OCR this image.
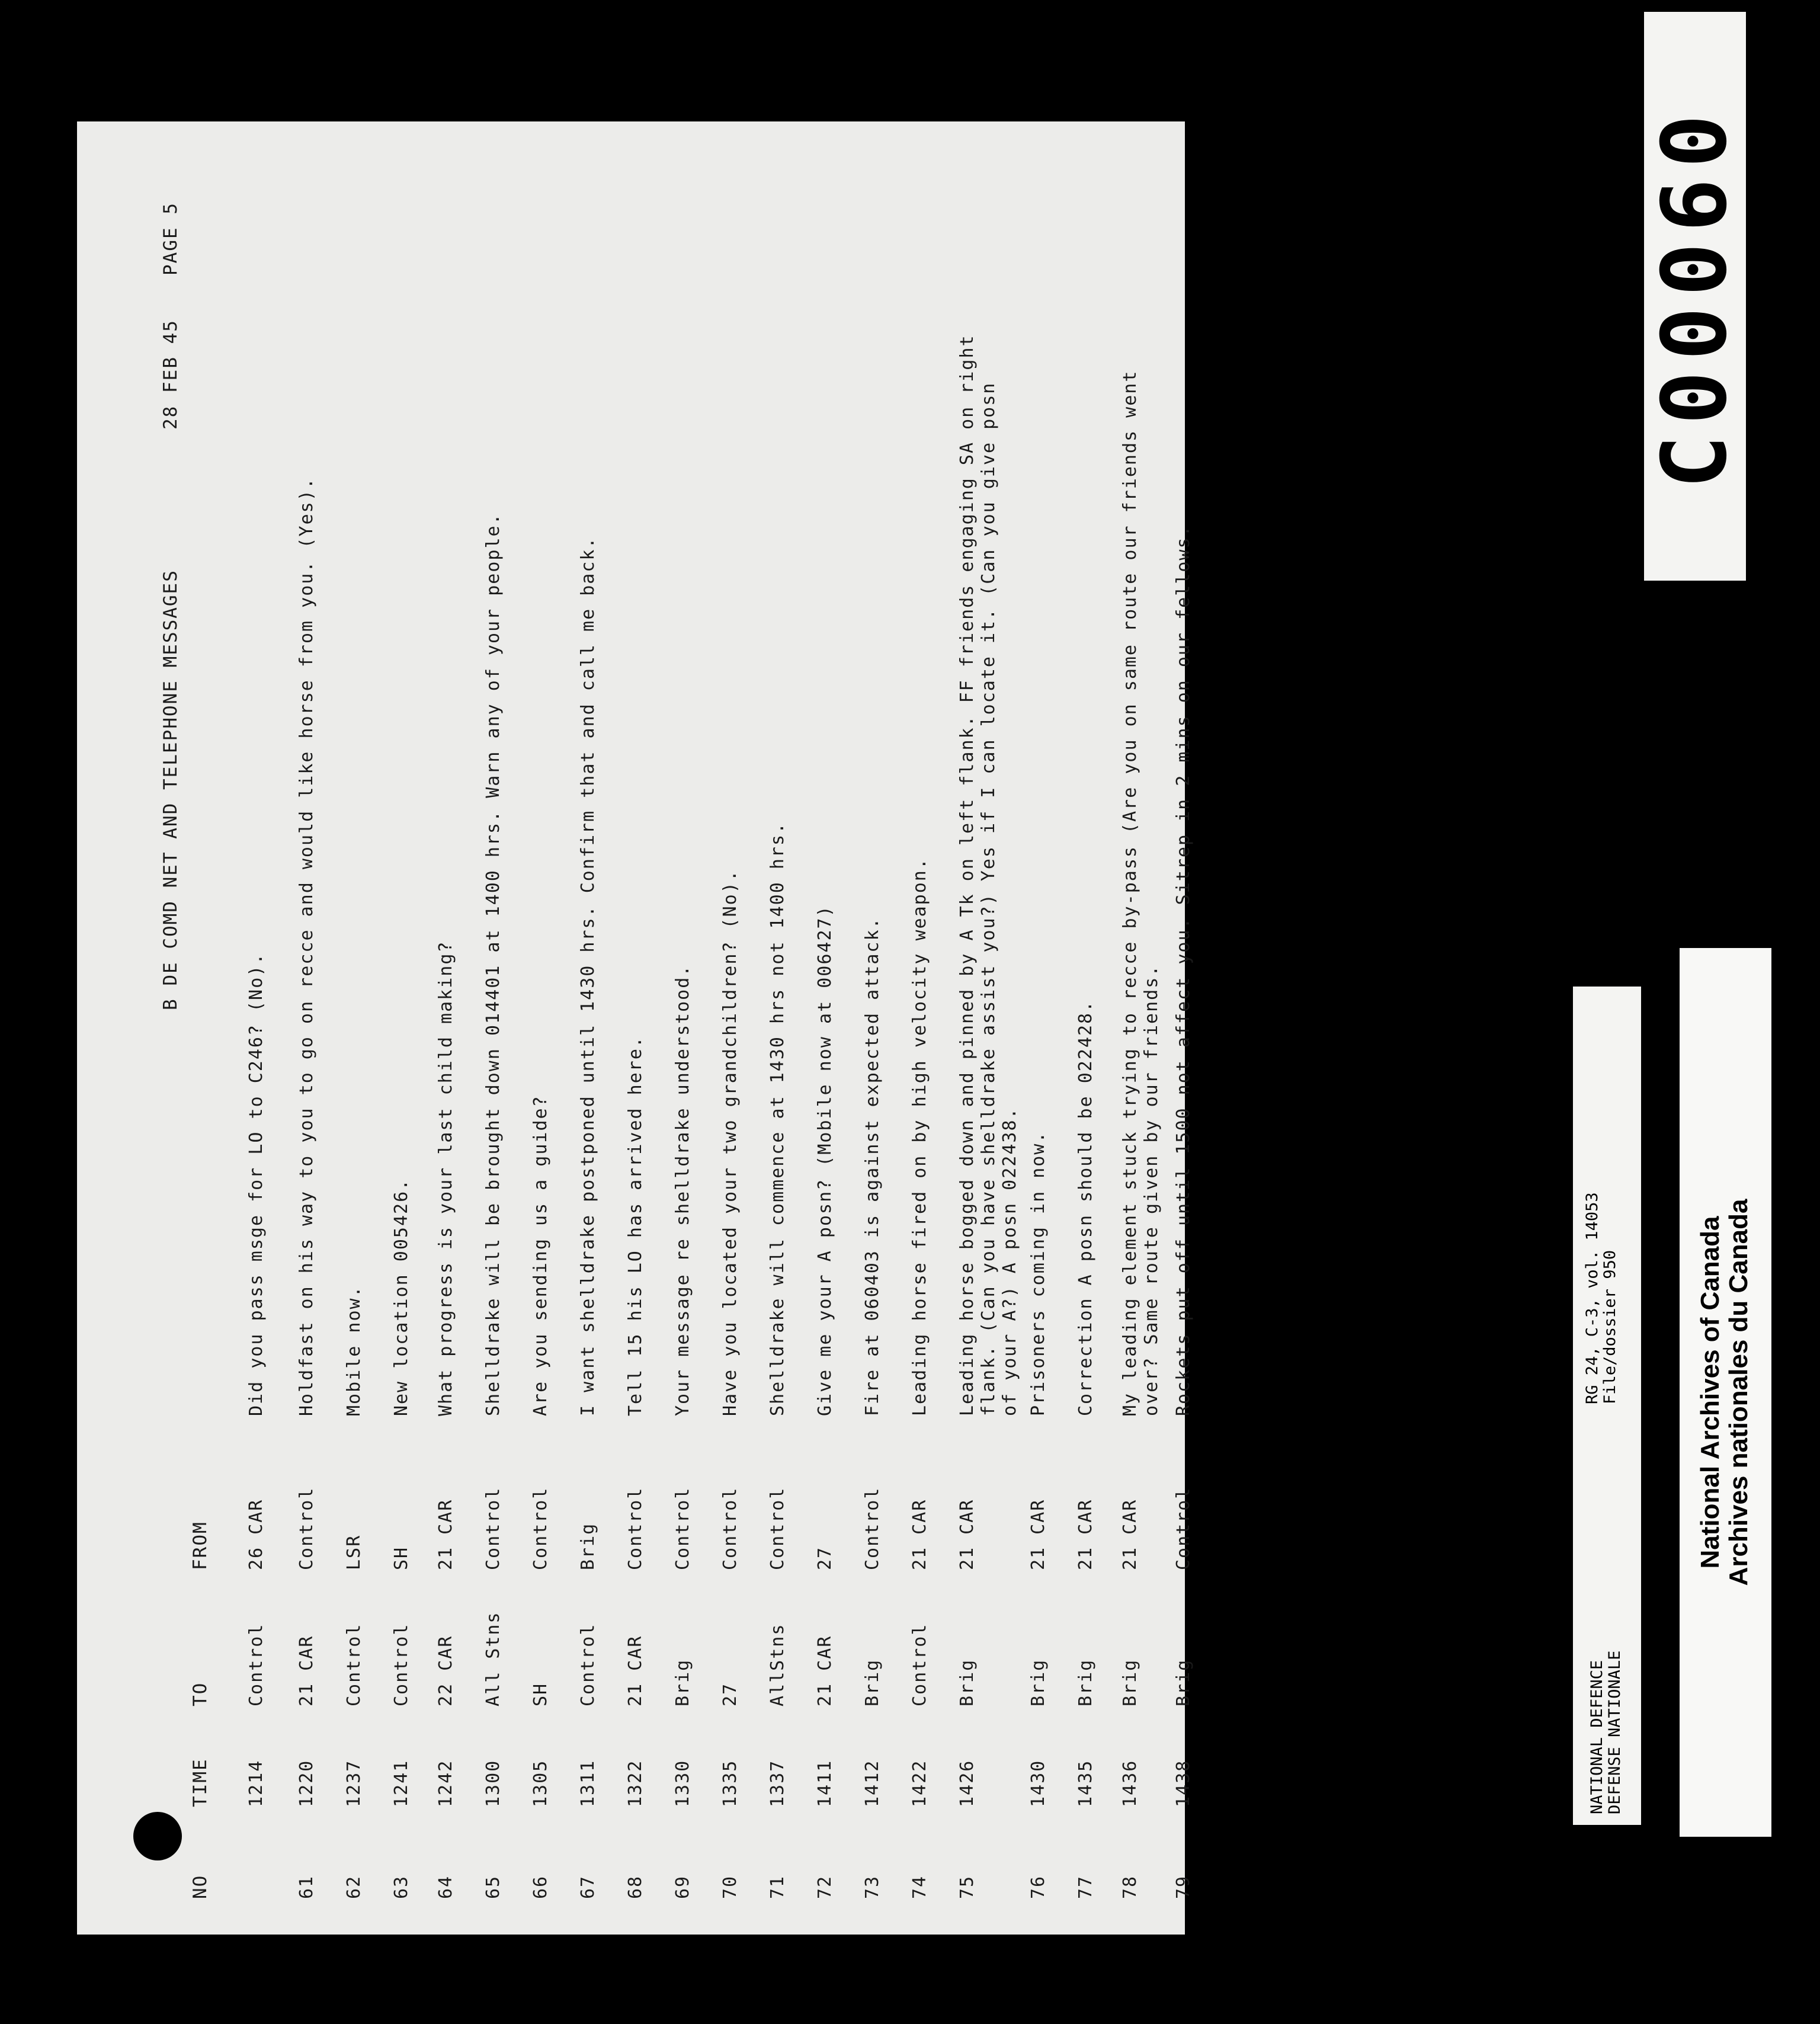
B DE COMD NET AND TELEPHONE MESSAGES
28 FEB 45
PAGE 5
NO
TIME
TO
FROM
1214
Control
26 CAR
Did you pass msge for LO to C246? (No).
61
1220
21 CAR
Control
Holdfast on his way to you to go on recce and would like horse from you. (Yes).
62
1237
Control
LSR
Mobile now.
63
1241
Control
SH
New location 005426.
64
1242
22 CAR
21 CAR
What progress is your last child making?
65
1300
All Stns
Control
Shelldrake will be brought down 014401 at 1400 hrs. Warn any of your people.
66
1305
SH
Control
Are you sending us a guide?
67
1311
Control
Brig
I want shelldrake postponed until 1430 hrs. Confirm that and call me back.
68
1322
21 CAR
Control
Tell 15 his LO has arrived here.
69
1330
Brig
Control
Your message re shelldrake understood.
70
1335
27
Control
Have you located your two grandchildren? (No).
71
1337
AllStns
Control
Shelldrake will commence at 1430 hrs not 1400 hrs.
72
1411
21 CAR
27
Give me your A posn? (Mobile now at 006427)
73
1412
Brig
Control
Fire at 060403 is against expected attack.
74
1422
Control
21 CAR
Leading horse fired on by high velocity weapon.
75
1426
Brig
21 CAR
Leading horse bogged down and pinned by A Tk on left flank. FF friends engaging SA on right flank. (Can you have shelldrake assist you?) Yes if I can locate it. (Can you give posn of your A?) A posn 022438.
76
1430
Brig
21 CAR
Prisoners coming in now.
77
1435
Brig
21 CAR
Correction A posn should be 022428.
78
1436
Brig
21 CAR
My leading element stuck trying to recce by-pass (Are you on same route our friends went over? Same route given by our friends.
79
1438
Brig
Control
Rockets put off until 1500 not affect you. Sitrep in 2 mins on our fellows.
C00060
NATIONAL DEFENCE DEFENSE NATIONALE
RG 24, C-3, vol. 14053 File/dossier 950	National Archives of Canada Archives nationales du Canada
